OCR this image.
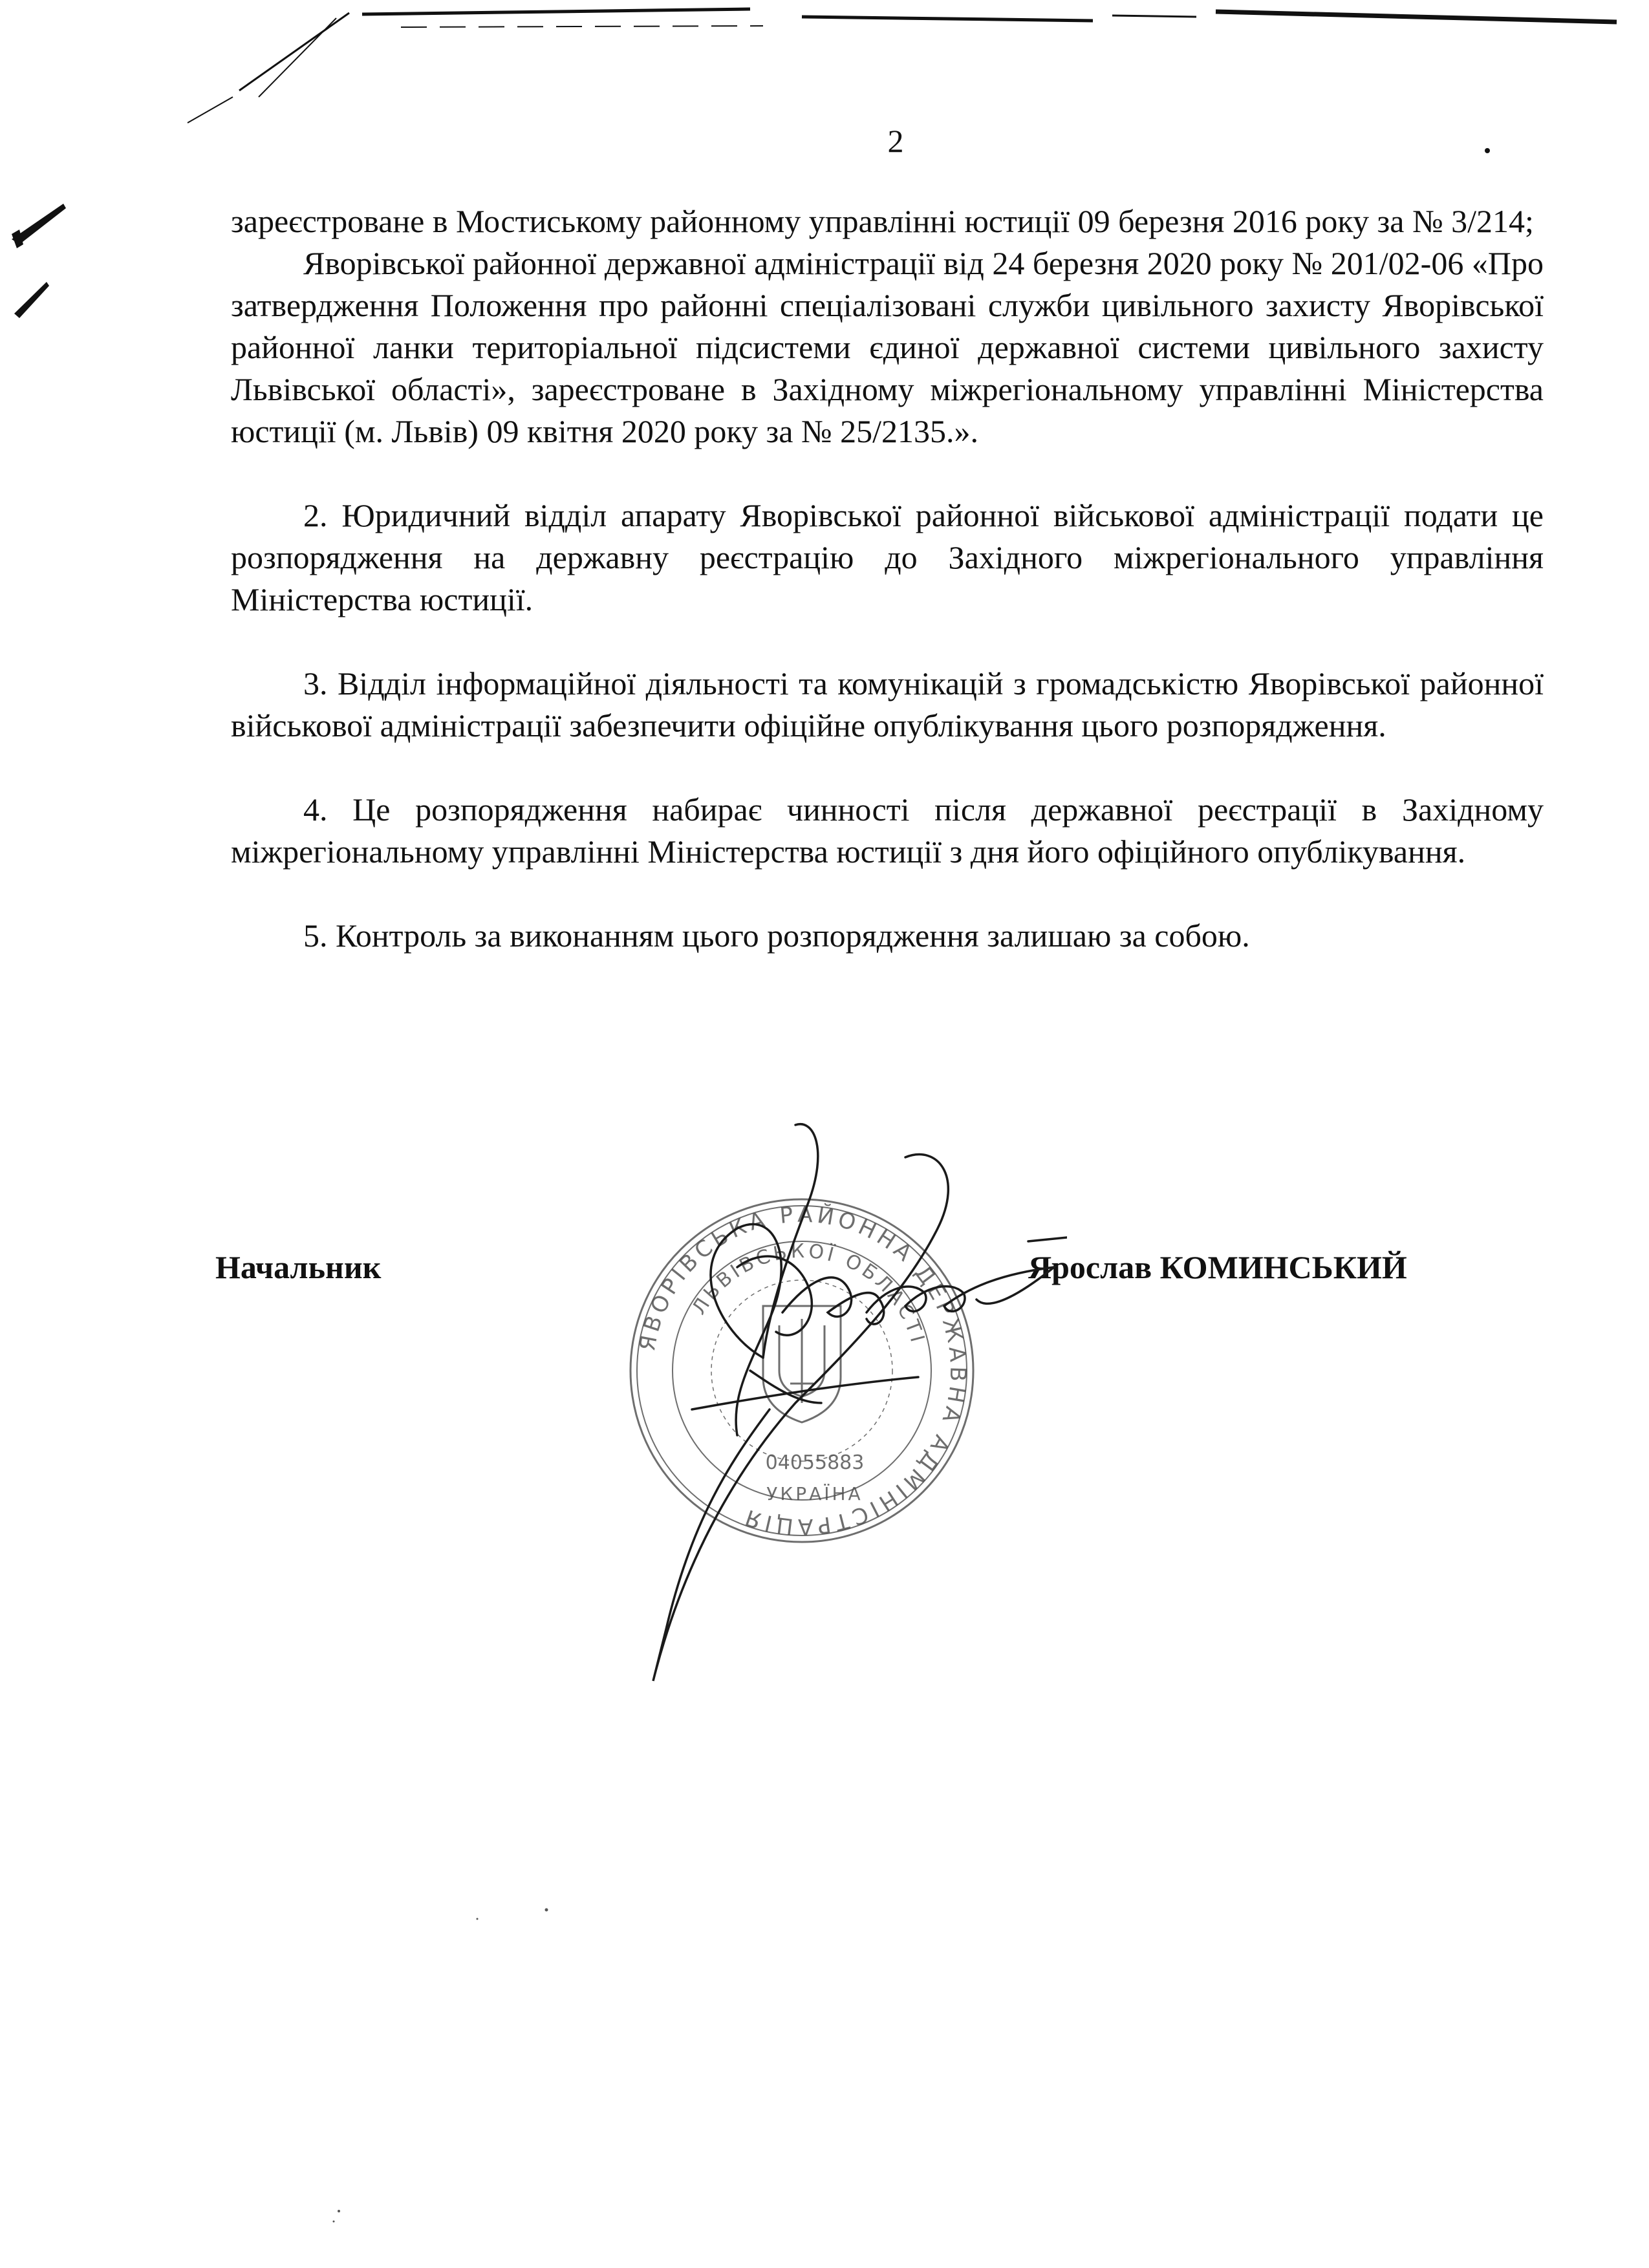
2

зареєстроване в Мостиському районному управлінні юстиції 09 березня 2016 року за № 3/214;

Яворівської районної державної адміністрації від 24 березня 2020 року № 201/02-06 «Про затвердження Положення про районні спеціалізовані служби цивільного захисту Яворівської районної ланки територіальної підсистеми єдиної державної системи цивільного захисту Львівської області», зареєстроване в Західному міжрегіональному управлінні Міністерства юстиції (м. Львів) 09 квітня 2020 року за № 25/2135.».

2. Юридичний відділ апарату Яворівської районної військової адміністрації подати це розпорядження на державну реєстрацію до Західного міжрегіонального управління Міністерства юстиції.

3. Відділ інформаційної діяльності та комунікацій з громадськістю Яворівської районної військової адміністрації забезпечити офіційне опублікування цього розпорядження.

4. Це розпорядження набирає чинності після державної реєстрації в Західному міжрегіональному управлінні Міністерства юстиції з дня його офіційного опублікування.

5. Контроль за виконанням цього розпорядження залишаю за собою.

Начальник	Ярослав КОМИНСЬКИЙ
ЯВОРІВСЬКА РАЙОННА ДЕРЖАВНА АДМІНІСТРАЦІЯ
ЛЬВІВСЬКОЇ ОБЛАСТІ
04055883
УКРАЇНА
